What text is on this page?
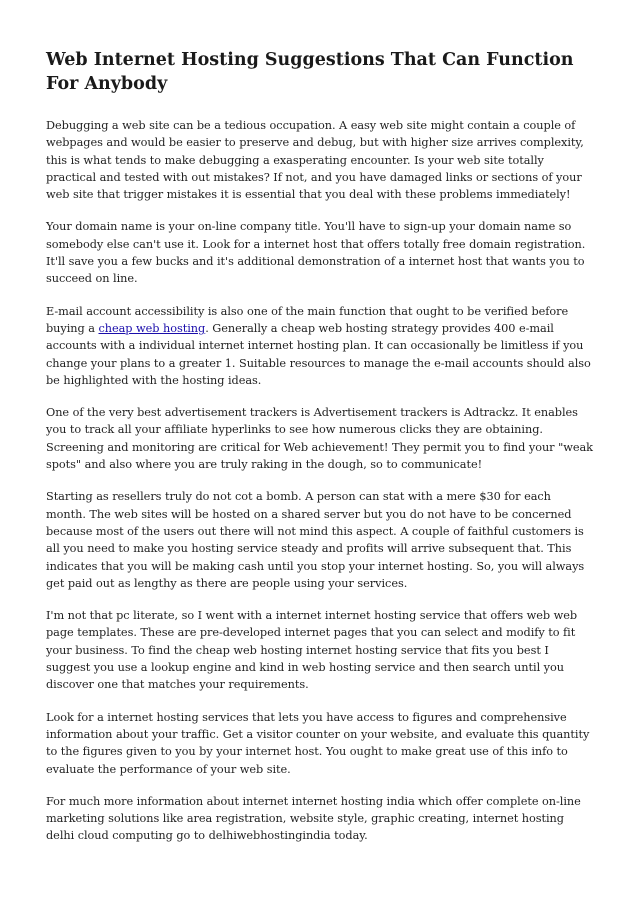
Web Internet Hosting Suggestions That Can Function For Anybody

Debugging a web site can be a tedious occupation. A easy web site might contain a couple of webpages and would be easier to preserve and debug, but with higher size arrives complexity, this is what tends to make debugging a exasperating encounter. Is your web site totally practical and tested with out mistakes? If not, and you have damaged links or sections of your web site that trigger mistakes it is essential that you deal with these problems immediately!

Your domain name is your on-line company title. You'll have to sign-up your domain name so somebody else can't use it. Look for a internet host that offers totally free domain registration. It'll save you a few bucks and it's additional demonstration of a internet host that wants you to succeed on line.

E-mail account accessibility is also one of the main function that ought to be verified before buying a cheap web hosting. Generally a cheap web hosting strategy provides 400 e-mail accounts with a individual internet internet hosting plan. It can occasionally be limitless if you change your plans to a greater 1. Suitable resources to manage the e-mail accounts should also be highlighted with the hosting ideas.

One of the very best advertisement trackers is Advertisement trackers is Adtrackz. It enables you to track all your affiliate hyperlinks to see how numerous clicks they are obtaining. Screening and monitoring are critical for Web achievement! They permit you to find your "weak spots" and also where you are truly raking in the dough, so to communicate!

Starting as resellers truly do not cot a bomb. A person can stat with a mere $30 for each month. The web sites will be hosted on a shared server but you do not have to be concerned because most of the users out there will not mind this aspect. A couple of faithful customers is all you need to make you hosting service steady and profits will arrive subsequent that. This indicates that you will be making cash until you stop your internet hosting. So, you will always get paid out as lengthy as there are people using your services.

I'm not that pc literate, so I went with a internet internet hosting service that offers web web page templates. These are pre-developed internet pages that you can select and modify to fit your business. To find the cheap web hosting internet hosting service that fits you best I suggest you use a lookup engine and kind in web hosting service and then search until you discover one that matches your requirements.

Look for a internet hosting services that lets you have access to figures and comprehensive information about your traffic. Get a visitor counter on your website, and evaluate this quantity to the figures given to you by your internet host. You ought to make great use of this info to evaluate the performance of your web site.

For much more information about internet internet hosting india which offer complete on-line marketing solutions like area registration, website style, graphic creating, internet hosting delhi cloud computing go to delhiwebhostingindia today.
